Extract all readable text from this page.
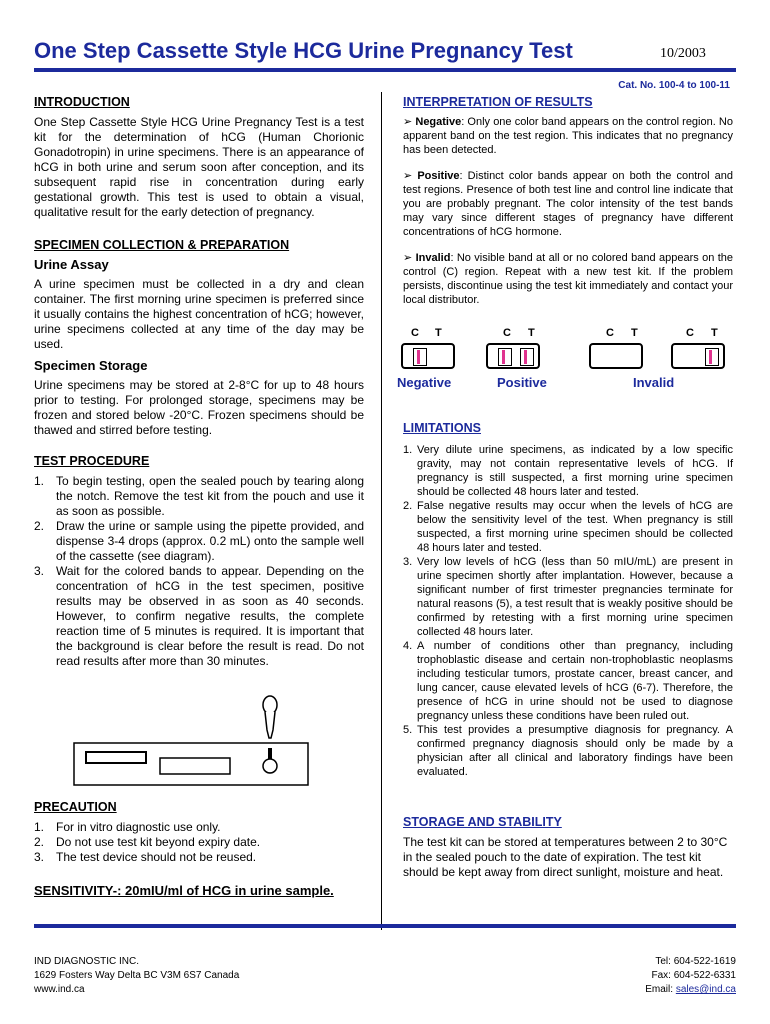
One Step Cassette Style HCG Urine Pregnancy Test	10/2003
Cat. No. 100-4 to 100-11
INTRODUCTION
One Step Cassette Style HCG Urine Pregnancy Test is a test kit for the determination of hCG (Human Chorionic Gonadotropin) in urine specimens. There is an appearance of hCG in both urine and serum soon after conception, and its subsequent rapid rise in concentration during early gestational growth. This test is used to obtain a visual, qualitative result for the early detection of pregnancy.
SPECIMEN COLLECTION & PREPARATION
Urine Assay
A urine specimen must be collected in a dry and clean container. The first morning urine specimen is preferred since it usually contains the highest concentration of hCG; however, urine specimens collected at any time of the day may be used.
Specimen Storage
Urine specimens may be stored at 2-8°C for up to 48 hours prior to testing. For prolonged storage, specimens may be frozen and stored below -20°C. Frozen specimens should be thawed and stirred before testing.
TEST PROCEDURE
1. To begin testing, open the sealed pouch by tearing along the notch. Remove the test kit from the pouch and use it as soon as possible.
2. Draw the urine or sample using the pipette provided, and dispense 3-4 drops (approx. 0.2 mL) onto the sample well of the cassette (see diagram).
3. Wait for the colored bands to appear. Depending on the concentration of hCG in the test specimen, positive results may be observed in as soon as 40 seconds. However, to confirm negative results, the complete reaction time of 5 minutes is required. It is important that the background is clear before the result is read. Do not read results after more than 30 minutes.
PRECAUTION
1. For in vitro diagnostic use only.
2. Do not use test kit beyond expiry date.
3. The test device should not be reused.
SENSITIVITY-: 20mIU/ml of HCG in urine sample.
INTERPRETATION OF RESULTS
➢ Negative: Only one color band appears on the control region. No apparent band on the test region. This indicates that no pregnancy has been detected.
➢ Positive: Distinct color bands appear on both the control and test regions. Presence of both test line and control line indicate that you are probably pregnant. The color intensity of the test bands may vary since different stages of pregnancy have different concentrations of hCG hormone.
➢ Invalid: No visible band at all or no colored band appears on the control (C) region. Repeat with a new test kit. If the problem persists, discontinue using the test kit immediately and contact your local distributor.
C T	C T	C T	C T
Negative	Positive	Invalid
LIMITATIONS
1. Very dilute urine specimens, as indicated by a low specific gravity, may not contain representative levels of hCG. If pregnancy is still suspected, a first morning urine specimen should be collected 48 hours later and tested.
2. False negative results may occur when the levels of hCG are below the sensitivity level of the test. When pregnancy is still suspected, a first morning urine specimen should be collected 48 hours later and tested.
3. Very low levels of hCG (less than 50 mIU/mL) are present in urine specimen shortly after implantation. However, because a significant number of first trimester pregnancies terminate for natural reasons (5), a test result that is weakly positive should be confirmed by retesting with a first morning urine specimen collected 48 hours later.
4. A number of conditions other than pregnancy, including trophoblastic disease and certain non-trophoblastic neoplasms including testicular tumors, prostate cancer, breast cancer, and lung cancer, cause elevated levels of hCG (6-7). Therefore, the presence of hCG in urine should not be used to diagnose pregnancy unless these conditions have been ruled out.
5. This test provides a presumptive diagnosis for pregnancy. A confirmed pregnancy diagnosis should only be made by a physician after all clinical and laboratory findings have been evaluated.
STORAGE AND STABILITY
The test kit can be stored at temperatures between 2 to 30°C in the sealed pouch to the date of expiration. The test kit should be kept away from direct sunlight, moisture and heat.
IND DIAGNOSTIC INC.
1629 Fosters Way Delta BC V3M 6S7 Canada
www.ind.ca
Tel: 604-522-1619
Fax: 604-522-6331
Email: sales@ind.ca
